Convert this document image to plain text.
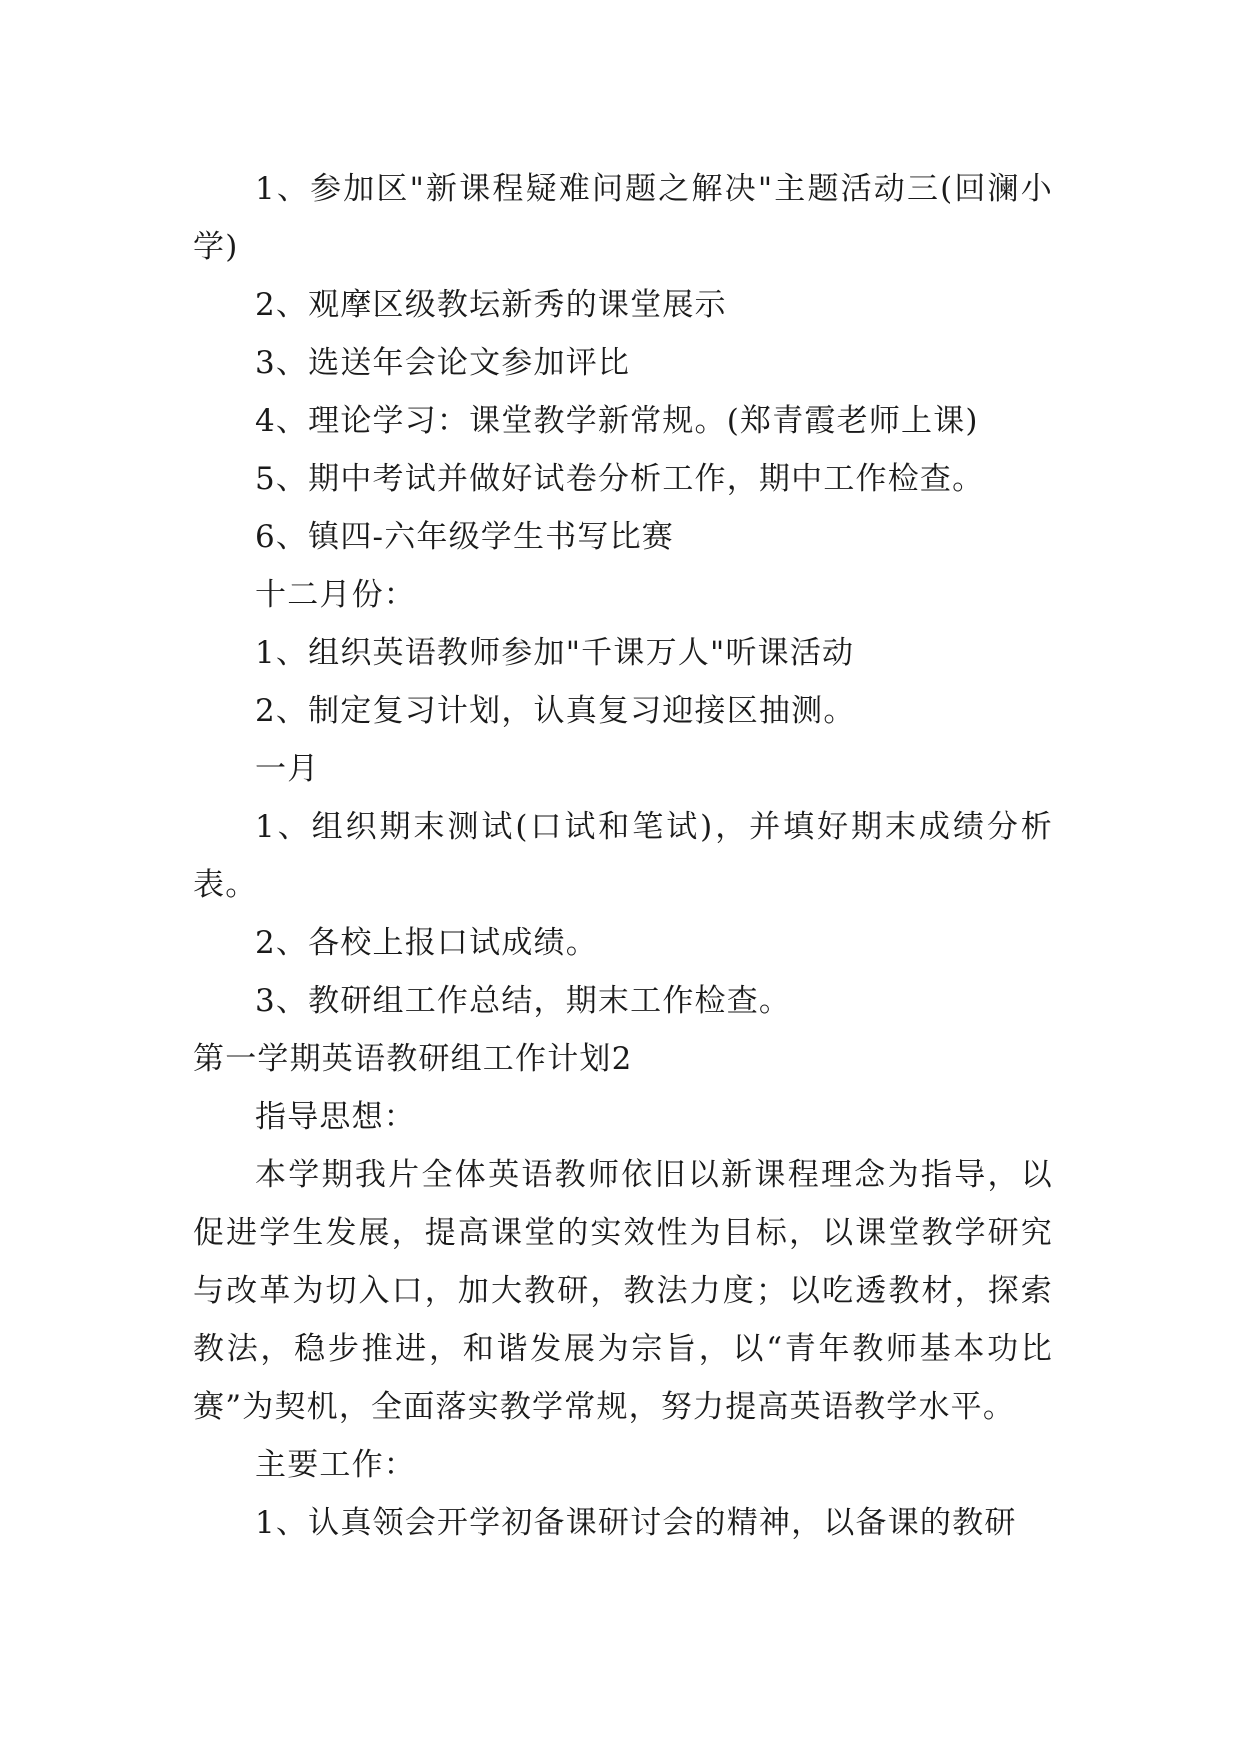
1、参加区"新课程疑难问题之解决"主题活动三(回澜小学)

2、观摩区级教坛新秀的课堂展示

3、选送年会论文参加评比

4、理论学习：课堂教学新常规。(郑青霞老师上课)

5、期中考试并做好试卷分析工作，期中工作检查。

6、镇四-六年级学生书写比赛

十二月份：

1、组织英语教师参加"千课万人"听课活动

2、制定复习计划，认真复习迎接区抽测。

一月

1、组织期末测试(口试和笔试)，并填好期末成绩分析表。

2、各校上报口试成绩。

3、教研组工作总结，期末工作检查。

第一学期英语教研组工作计划2

指导思想：

本学期我片全体英语教师依旧以新课程理念为指导，以促进学生发展，提高课堂的实效性为目标，以课堂教学研究与改革为切入口，加大教研，教法力度；以吃透教材，探索教法，稳步推进，和谐发展为宗旨，以“青年教师基本功比赛”为契机，全面落实教学常规，努力提高英语教学水平。

主要工作：

1、认真领会开学初备课研讨会的精神，以备课的教研
